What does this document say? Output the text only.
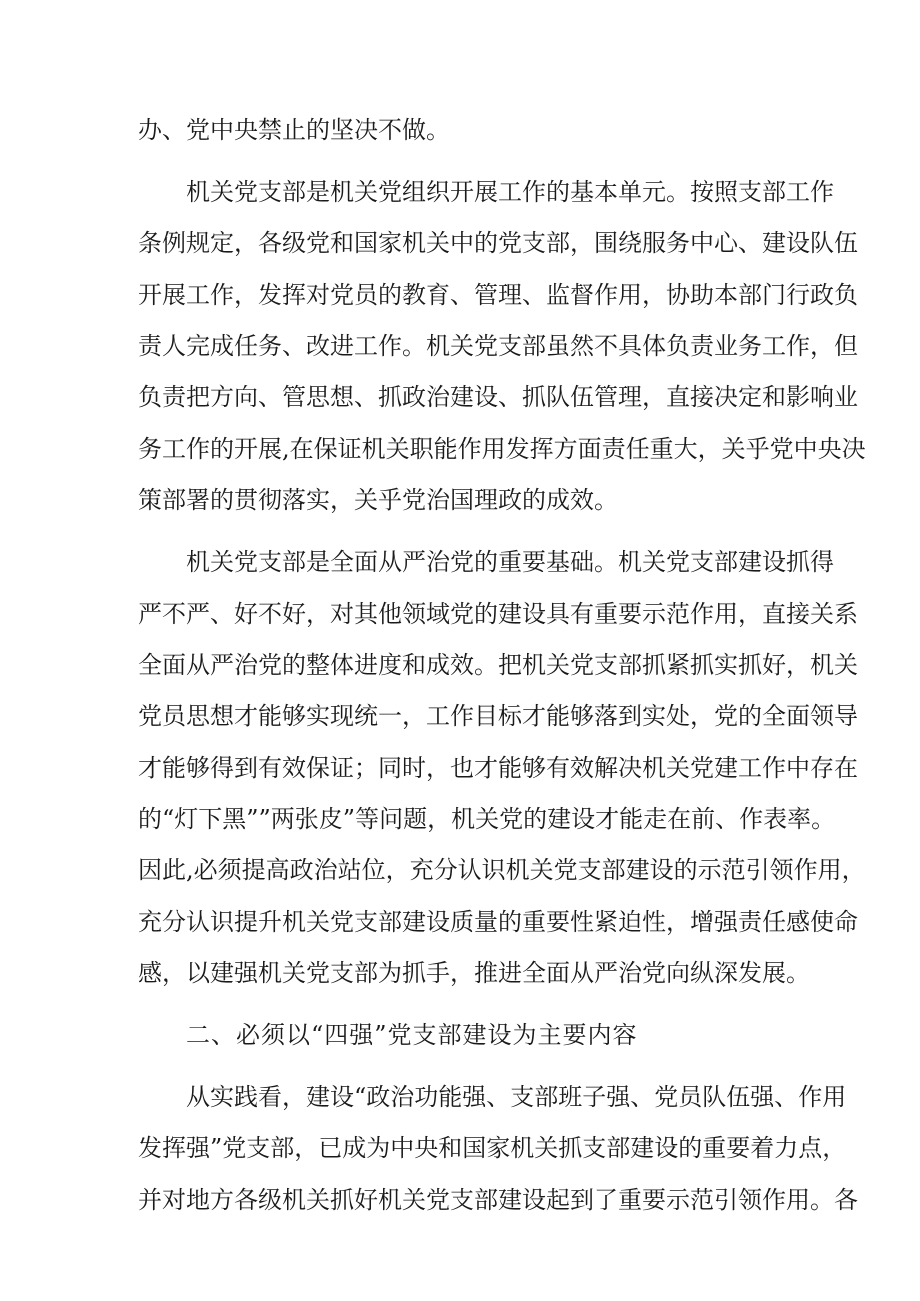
办、党中央禁止的坚决不做。
机关党支部是机关党组织开展工作的基本单元。按照支部工作
条例规定，各级党和国家机关中的党支部，围绕服务中心、建设队伍
开展工作，发挥对党员的教育、管理、监督作用，协助本部门行政负
责人完成任务、改进工作。机关党支部虽然不具体负责业务工作，但
负责把方向、管思想、抓政治建设、抓队伍管理，直接决定和影响业
务工作的开展,在保证机关职能作用发挥方面责任重大，关乎党中央决
策部署的贯彻落实，关乎党治国理政的成效。
机关党支部是全面从严治党的重要基础。机关党支部建设抓得
严不严、好不好，对其他领域党的建设具有重要示范作用，直接关系
全面从严治党的整体进度和成效。把机关党支部抓紧抓实抓好，机关
党员思想才能够实现统一，工作目标才能够落到实处，党的全面领导
才能够得到有效保证；同时，也才能够有效解决机关党建工作中存在
的“灯下黑””两张皮”等问题，机关党的建设才能走在前、作表率。
因此,必须提高政治站位，充分认识机关党支部建设的示范引领作用，
充分认识提升机关党支部建设质量的重要性紧迫性，增强责任感使命
感，以建强机关党支部为抓手，推进全面从严治党向纵深发展。
二、必须以“四强”党支部建设为主要内容
从实践看，建设“政治功能强、支部班子强、党员队伍强、作用
发挥强”党支部，已成为中央和国家机关抓支部建设的重要着力点，
并对地方各级机关抓好机关党支部建设起到了重要示范引领作用。各
